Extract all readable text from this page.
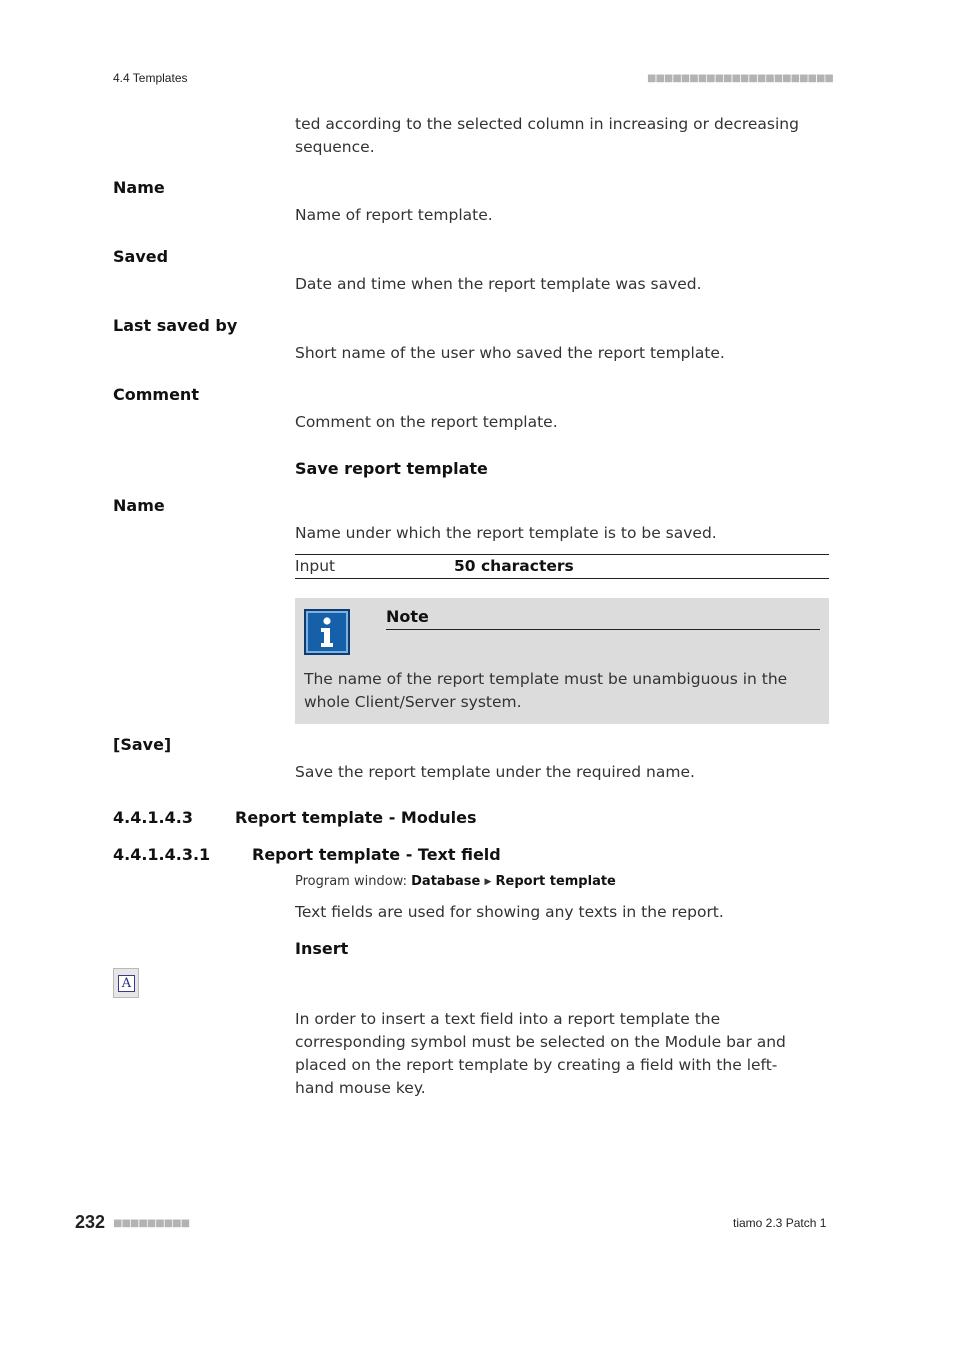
4.4 Templates	■■■■■■■■■■■■■■■■■■■■■■
ted according to the selected column in increasing or decreasing sequence.
Name
Name of report template.
Saved
Date and time when the report template was saved.
Last saved by
Short name of the user who saved the report template.
Comment
Comment on the report template.
Save report template
Name
Name under which the report template is to be saved.
Input	50 characters
Note
The name of the report template must be unambiguous in the whole Client/Server system.
[Save]
Save the report template under the required name.
4.4.1.4.3	Report template - Modules
4.4.1.4.3.1	Report template - Text field
Program window: Database ▶ Report template
Text fields are used for showing any texts in the report.
Insert
A
In order to insert a text field into a report template the corresponding symbol must be selected on the Module bar and placed on the report template by creating a field with the left-hand mouse key.
232 ■■■■■■■■■	tiamo 2.3 Patch 1
